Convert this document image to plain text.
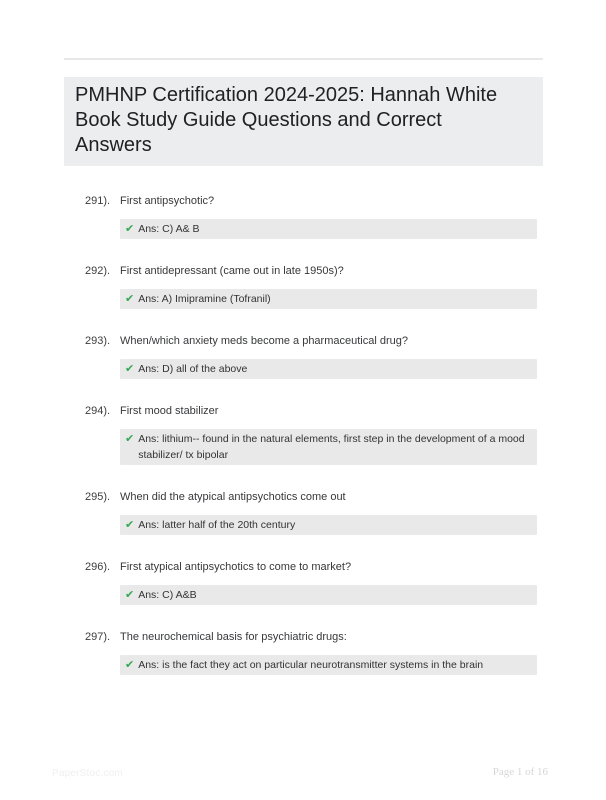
PMHNP Certification 2024-2025: Hannah White Book Study Guide Questions and Correct Answers
291). First antipsychotic?
✔ Ans: C) A& B
292). First antidepressant (came out in late 1950s)?
✔ Ans: A) Imipramine (Tofranil)
293). When/which anxiety meds become a pharmaceutical drug?
✔ Ans: D) all of the above
294). First mood stabilizer
✔ Ans: lithium-- found in the natural elements, first step in the development of a mood stabilizer/ tx bipolar
295). When did the atypical antipsychotics come out
✔ Ans: latter half of the 20th century
296). First atypical antipsychotics to come to market?
✔ Ans: C) A&B
297). The neurochemical basis for psychiatric drugs:
✔ Ans: is the fact they act on particular neurotransmitter systems in the brain
PaperStoc.com	Page 1 of 16
